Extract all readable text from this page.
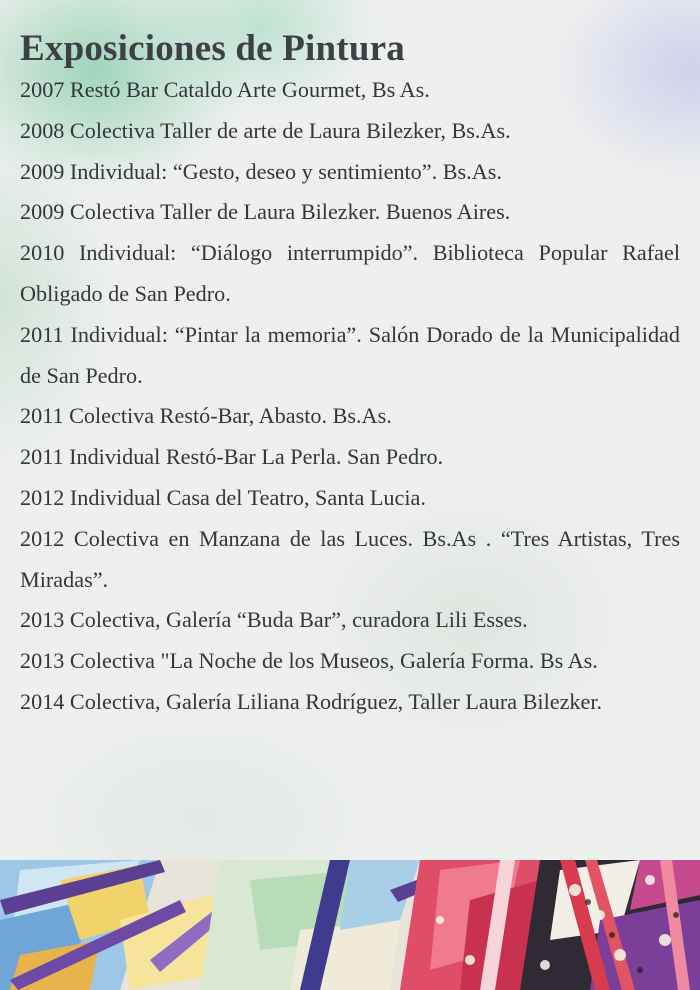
Exposiciones de Pintura
2007 Restó Bar Cataldo Arte Gourmet, Bs As.
2008 Colectiva Taller de arte de Laura Bilezker, Bs.As.
2009 Individual: “Gesto, deseo y sentimiento”. Bs.As.
2009 Colectiva Taller de Laura Bilezker. Buenos Aires.
2010 Individual: “Diálogo interrumpido”. Biblioteca Popular Rafael Obligado de San Pedro.
2011 Individual: “Pintar la memoria”. Salón Dorado de la Municipalidad de San Pedro.
2011 Colectiva Restó-Bar, Abasto. Bs.As.
2011 Individual Restó-Bar La Perla. San Pedro.
2012 Individual Casa del Teatro, Santa Lucia.
2012 Colectiva en Manzana de las Luces. Bs.As . “Tres Artistas, Tres Miradas”.
2013 Colectiva, Galería “Buda Bar”, curadora Lili Esses.
2013 Colectiva "La Noche de los Museos, Galería Forma. Bs As.
2014 Colectiva, Galería Liliana Rodríguez, Taller Laura Bilezker.
